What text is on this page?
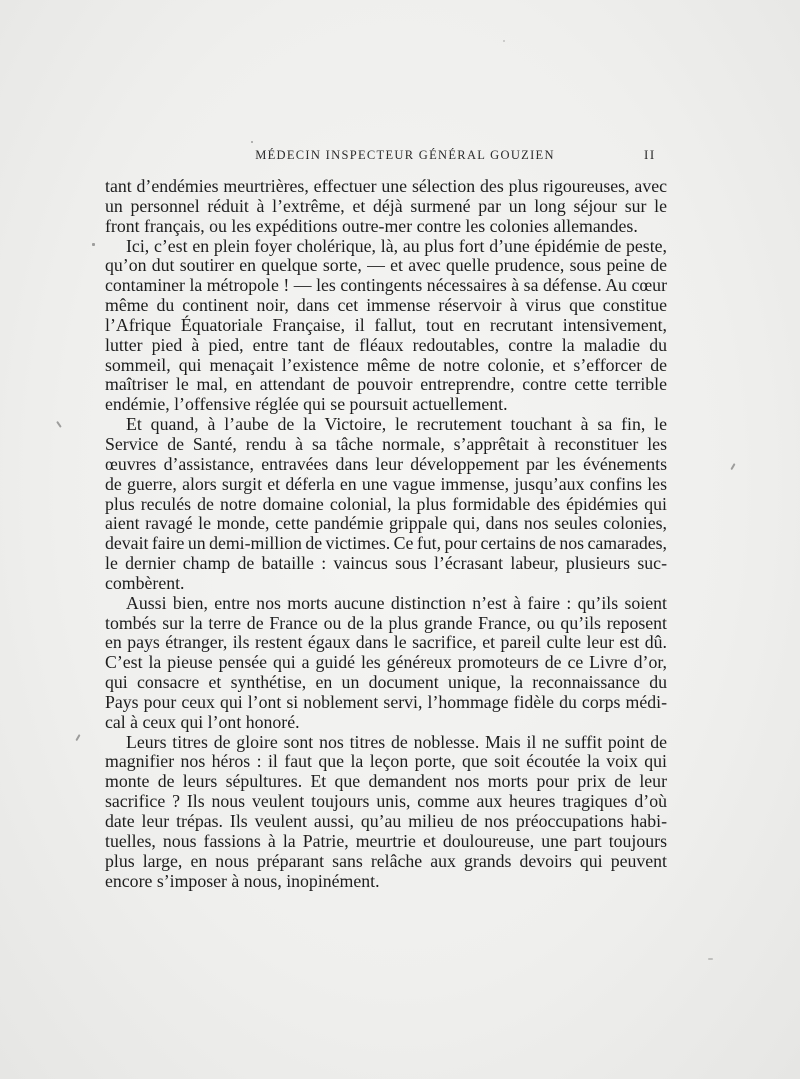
MÉDECIN INSPECTEUR GÉNÉRAL GOUZIEN	II
tant d’endémies meurtrières, effectuer une sélection des plus rigoureuses, avec
un personnel réduit à l’extrême, et déjà surmené par un long séjour sur le
front français, ou les expéditions outre-mer contre les colonies allemandes.
Ici, c’est en plein foyer cholérique, là, au plus fort d’une épidémie de peste,
qu’on dut soutirer en quelque sorte, — et avec quelle prudence, sous peine de
contaminer la métropole ! — les contingents nécessaires à sa défense. Au cœur
même du continent noir, dans cet immense réservoir à virus que constitue
l’Afrique Équatoriale Française, il fallut, tout en recrutant intensivement,
lutter pied à pied, entre tant de fléaux redoutables, contre la maladie du
sommeil, qui menaçait l’existence même de notre colonie, et s’efforcer de
maîtriser le mal, en attendant de pouvoir entreprendre, contre cette terrible
endémie, l’offensive réglée qui se poursuit actuellement.
Et quand, à l’aube de la Victoire, le recrutement touchant à sa fin, le
Service de Santé, rendu à sa tâche normale, s’apprêtait à reconstituer les
œuvres d’assistance, entravées dans leur développement par les événements
de guerre, alors surgit et déferla en une vague immense, jusqu’aux confins les
plus reculés de notre domaine colonial, la plus formidable des épidémies qui
aient ravagé le monde, cette pandémie grippale qui, dans nos seules colonies,
devait faire un demi-million de victimes. Ce fut, pour certains de nos camarades,
le dernier champ de bataille : vaincus sous l’écrasant labeur, plusieurs suc-
combèrent.
Aussi bien, entre nos morts aucune distinction n’est à faire : qu’ils soient
tombés sur la terre de France ou de la plus grande France, ou qu’ils reposent
en pays étranger, ils restent égaux dans le sacrifice, et pareil culte leur est dû.
C’est la pieuse pensée qui a guidé les généreux promoteurs de ce Livre d’or,
qui consacre et synthétise, en un document unique, la reconnaissance du
Pays pour ceux qui l’ont si noblement servi, l’hommage fidèle du corps médi-
cal à ceux qui l’ont honoré.
Leurs titres de gloire sont nos titres de noblesse. Mais il ne suffit point de
magnifier nos héros : il faut que la leçon porte, que soit écoutée la voix qui
monte de leurs sépultures. Et que demandent nos morts pour prix de leur
sacrifice ? Ils nous veulent toujours unis, comme aux heures tragiques d’où
date leur trépas. Ils veulent aussi, qu’au milieu de nos préoccupations habi-
tuelles, nous fassions à la Patrie, meurtrie et douloureuse, une part toujours
plus large, en nous préparant sans relâche aux grands devoirs qui peuvent
encore s’imposer à nous, inopinément.
